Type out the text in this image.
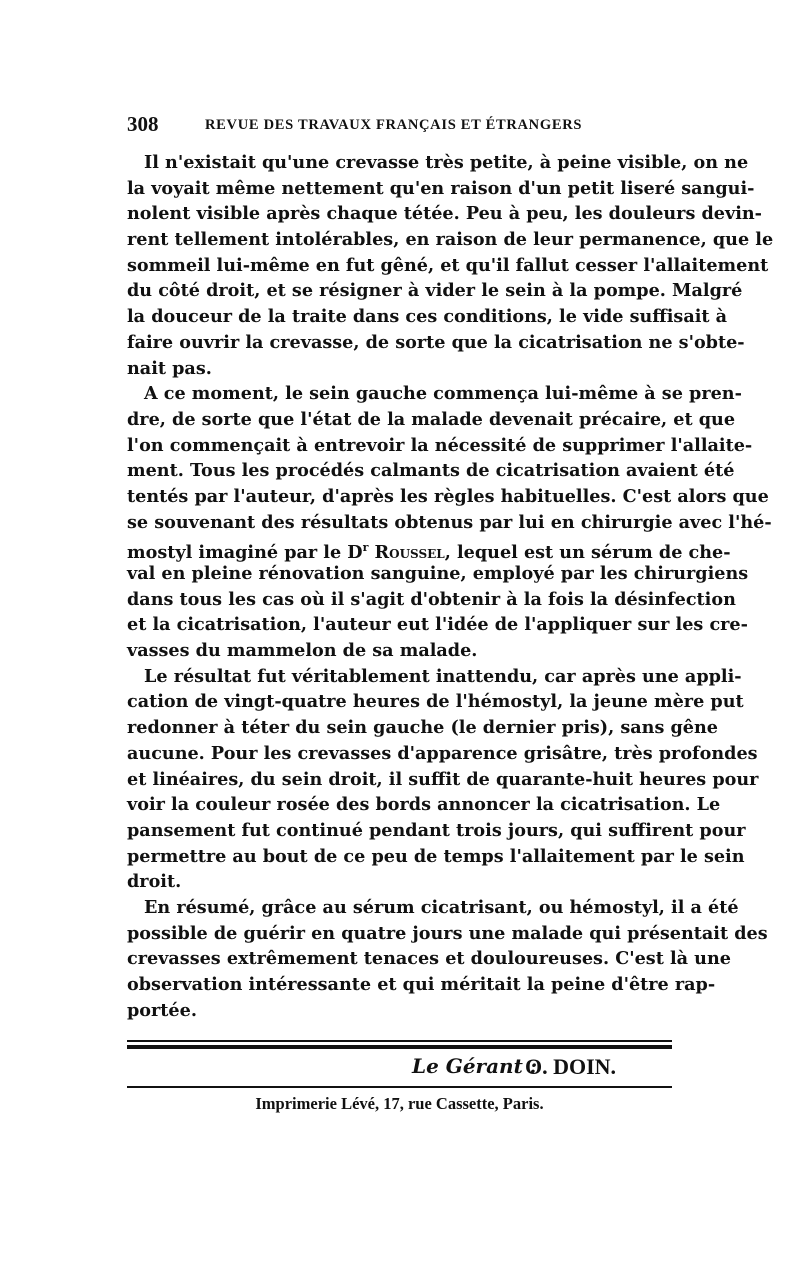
308	REVUE DES TRAVAUX FRANÇAIS ET ÉTRANGERS
Il n'existait qu'une crevasse très petite, à peine visible, on ne
la voyait même nettement qu'en raison d'un petit liseré sangui-
nolent visible après chaque tétée. Peu à peu, les douleurs devin-
rent tellement intolérables, en raison de leur permanence, que le
sommeil lui-même en fut gêné, et qu'il fallut cesser l'allaitement
du côté droit, et se résigner à vider le sein à la pompe. Malgré
la douceur de la traite dans ces conditions, le vide suffisait à
faire ouvrir la crevasse, de sorte que la cicatrisation ne s'obte-
nait pas.
A ce moment, le sein gauche commença lui-même à se pren-
dre, de sorte que l'état de la malade devenait précaire, et que
l'on commençait à entrevoir la nécessité de supprimer l'allaite-
ment. Tous les procédés calmants de cicatrisation avaient été
tentés par l'auteur, d'après les règles habituelles. C'est alors que
se souvenant des résultats obtenus par lui en chirurgie avec l'hé-
mostyl imaginé par le $D^r$ Roussel, lequel est un sérum de che-
val en pleine rénovation sanguine, employé par les chirurgiens
dans tous les cas où il s'agit d'obtenir à la fois la désinfection
et la cicatrisation, l'auteur eut l'idée de l'appliquer sur les cre-
vasses du mammelon de sa malade.
Le résultat fut véritablement inattendu, car après une appli-
cation de vingt-quatre heures de l'hémostyl, la jeune mère put
redonner à téter du sein gauche (le dernier pris), sans gêne
aucune. Pour les crevasses d'apparence grisâtre, très profondes
et linéaires, du sein droit, il suffit de quarante-huit heures pour
voir la couleur rosée des bords annoncer la cicatrisation. Le
pansement fut continué pendant trois jours, qui suffirent pour
permettre au bout de ce peu de temps l'allaitement par le sein
droit.
En résumé, grâce au sérum cicatrisant, ou hémostyl, il a été
possible de guérir en quatre jours une malade qui présentait des
crevasses extrêmement tenaces et douloureuses. C'est là une
observation intéressante et qui méritait la peine d'être rap-
portée.
Le Gérant :
O. DOIN.
Imprimerie Lévé, 17, rue Cassette, Paris.
